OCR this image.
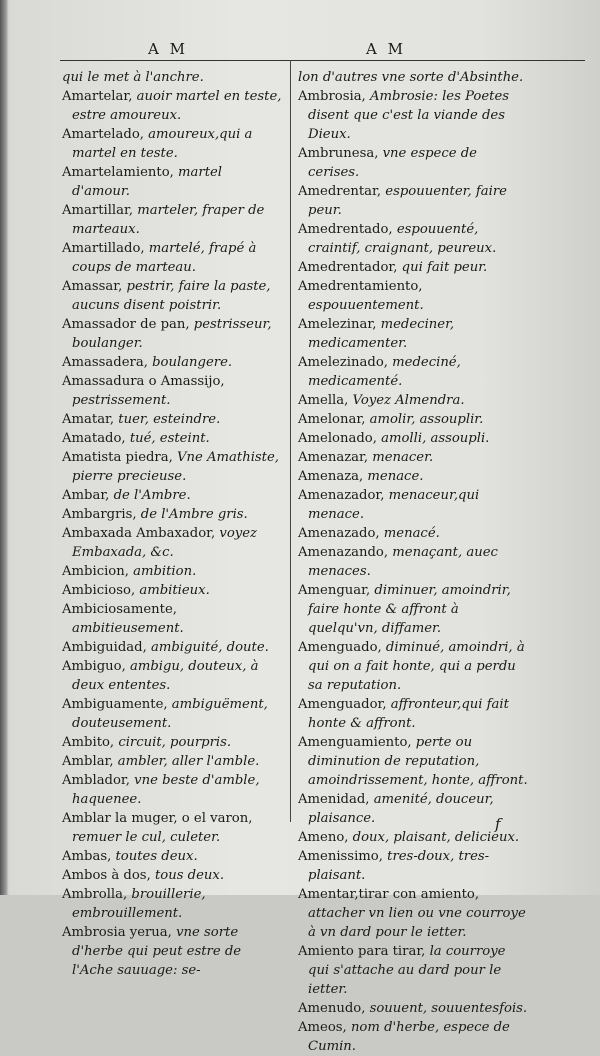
A M	A M
qui le met à l'anchre.
Amartelar, auoir martel en teste, estre amoureux.
Amartelado, amoureux,qui a martel en teste.
Amartelamiento, martel d'amour.
Amartillar, marteler, fraper de marteaux.
Amartillado, martelé, frapé à coups de marteau.
Amassar, pestrir, faire la paste, aucuns disent poistrir.
Amassador de pan, pestrisseur, boulanger.
Amassadera, boulangere.
Amassadura o Amassijo, pestrissement.
Amatar, tuer, esteindre.
Amatado, tué, esteint.
Amatista piedra, Vne Amathiste, pierre precieuse.
Ambar, de l'Ambre.
Ambargris, de l'Ambre gris.
Ambaxada Ambaxador, voyez Embaxada, &c.
Ambicion, ambition.
Ambicioso, ambitieux.
Ambiciosamente, ambitieusement.
Ambiguidad, ambiguité, doute.
Ambiguo, ambigu, douteux, à deux ententes.
Ambiguamente, ambiguëment, douteusement.
Ambito, circuit, pourpris.
Amblar, ambler, aller l'amble.
Amblador, vne beste d'amble, haquenee.
Amblar la muger, o el varon, remuer le cul, culeter.
Ambas, toutes deux.
Ambos à dos, tous deux.
Ambrolla, brouillerie, embrouillement.
Ambrosia yerua, vne sorte d'herbe qui peut estre de l'Ache sauuage: se-
lon d'autres vne sorte d'Absinthe.
Ambrosia, Ambrosie: les Poetes disent que c'est la viande des Dieux.
Ambrunesa, vne espece de cerises.
Amedrentar, espouuenter, faire peur.
Amedrentado, espouuenté, craintif, craignant, peureux.
Amedrentador, qui fait peur.
Amedrentamiento, espouuentement.
Amelezinar, medeciner, medicamenter.
Amelezinado, medeciné, medicamenté.
Amella, Voyez Almendra.
Amelonar, amolir, assouplir.
Amelonado, amolli, assoupli.
Amenazar, menacer.
Amenaza, menace.
Amenazador, menaceur,qui menace.
Amenazado, menacé.
Amenazando, menaçant, auec menaces.
Amenguar, diminuer, amoindrir, faire honte & affront à quelqu'vn, diffamer.
Amenguado, diminué, amoindri, à qui on a fait honte, qui a perdu sa reputation.
Amenguador, affronteur,qui fait honte & affront.
Amenguamiento, perte ou diminution de reputation, amoindrissement, honte, affront.
Amenidad, amenité, douceur, plaisance.
Ameno, doux, plaisant, delicieux.
Amenissimo, tres-doux, tres-plaisant.
Amentar,tirar con amiento, attacher vn lien ou vne courroye à vn dard pour le ietter.
Amiento para tirar, la courroye qui s'attache au dard pour le ietter.
Amenudo, souuent, souuentesfois.
Ameos, nom d'herbe, espece de Cumin.
f
